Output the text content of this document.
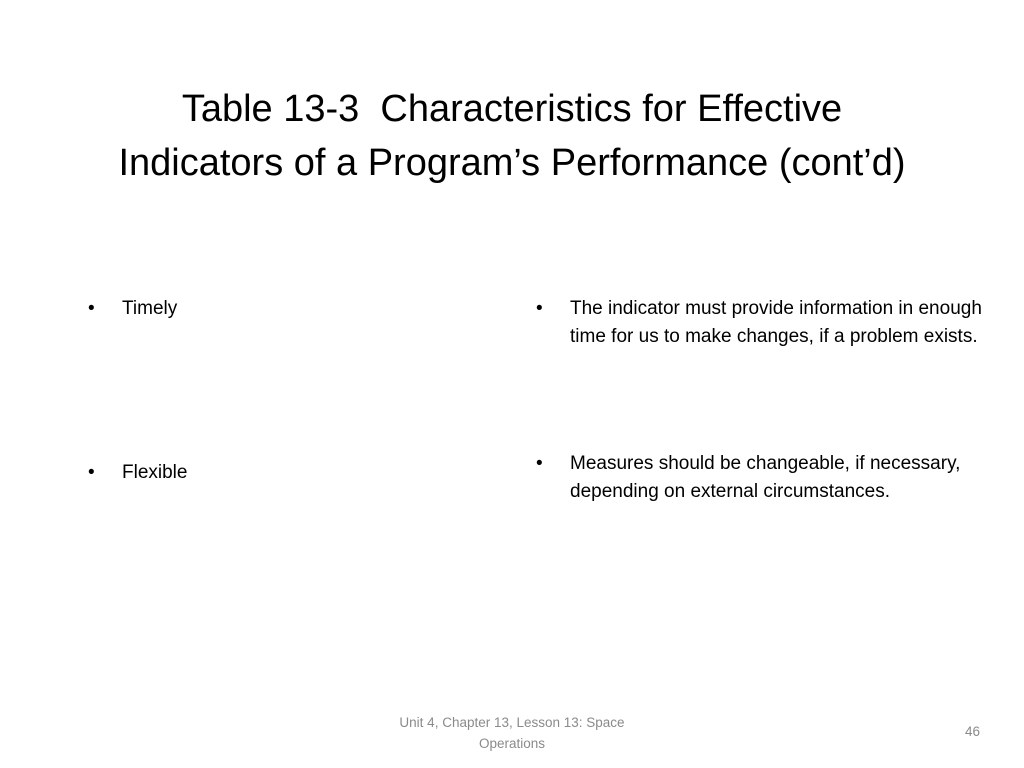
Table 13-3  Characteristics for Effective
Indicators of a Program’s Performance (cont’d)
• Timely
• Flexible
• The indicator must provide information in enough time for us to make changes, if a problem exists.
• Measures should be changeable, if necessary, depending on external circumstances.
Unit 4, Chapter 13, Lesson 13: Space
Operations
46
